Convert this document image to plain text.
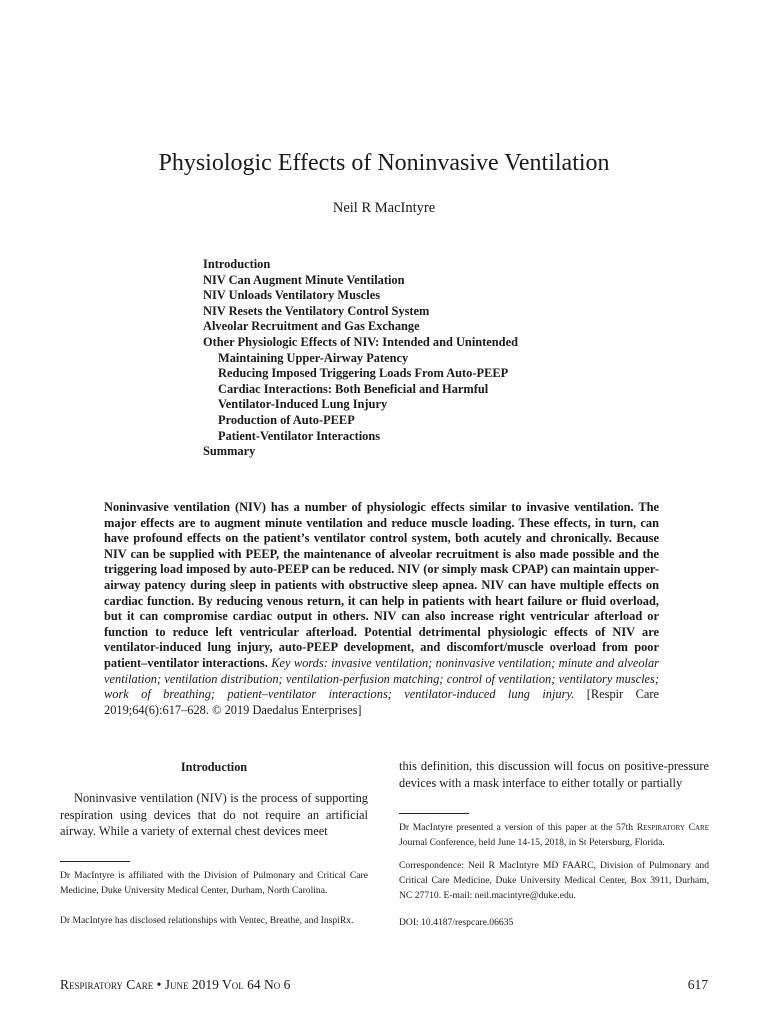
Physiologic Effects of Noninvasive Ventilation
Neil R MacIntyre
Introduction
NIV Can Augment Minute Ventilation
NIV Unloads Ventilatory Muscles
NIV Resets the Ventilatory Control System
Alveolar Recruitment and Gas Exchange
Other Physiologic Effects of NIV: Intended and Unintended
Maintaining Upper-Airway Patency
Reducing Imposed Triggering Loads From Auto-PEEP
Cardiac Interactions: Both Beneficial and Harmful
Ventilator-Induced Lung Injury
Production of Auto-PEEP
Patient-Ventilator Interactions
Summary
Noninvasive ventilation (NIV) has a number of physiologic effects similar to invasive ventilation. The major effects are to augment minute ventilation and reduce muscle loading. These effects, in turn, can have profound effects on the patient’s ventilator control system, both acutely and chronically. Because NIV can be supplied with PEEP, the maintenance of alveolar recruitment is also made possible and the triggering load imposed by auto-PEEP can be reduced. NIV (or simply mask CPAP) can maintain upper-airway patency during sleep in patients with obstructive sleep apnea. NIV can have multiple effects on cardiac function. By reducing venous return, it can help in patients with heart failure or fluid overload, but it can compromise cardiac output in others. NIV can also increase right ventricular afterload or function to reduce left ventricular afterload. Potential detrimental physiologic effects of NIV are ventilator-induced lung injury, auto-PEEP development, and discomfort/muscle overload from poor patient–ventilator interactions. Key words: invasive ventilation; noninvasive ventilation; minute and alveolar ventilation; ventilation distribution; ventilation-perfusion matching; control of ventilation; ventilatory muscles; work of breathing; patient–ventilator interactions; ventilator-induced lung injury. [Respir Care 2019;64(6):617–628. © 2019 Daedalus Enterprises]
Introduction

Noninvasive ventilation (NIV) is the process of supporting respiration using devices that do not require an artificial airway. While a variety of external chest devices meet

Dr MacIntyre is affiliated with the Division of Pulmonary and Critical Care Medicine, Duke University Medical Center, Durham, North Carolina.

Dr MacIntyre has disclosed relationships with Ventec, Breathe, and InspiRx.

this definition, this discussion will focus on positive-pressure devices with a mask interface to either totally or partially

Dr MacIntyre presented a version of this paper at the 57th Respiratory Care Journal Conference, held June 14-15, 2018, in St Petersburg, Florida.

Correspondence: Neil R MacIntyre MD FAARC, Division of Pulmonary and Critical Care Medicine, Duke University Medical Center, Box 3911, Durham, NC 27710. E-mail: neil.macintyre@duke.edu.

DOI: 10.4187/respcare.06635

Respiratory Care • June 2019 Vol 64 No 6	617
